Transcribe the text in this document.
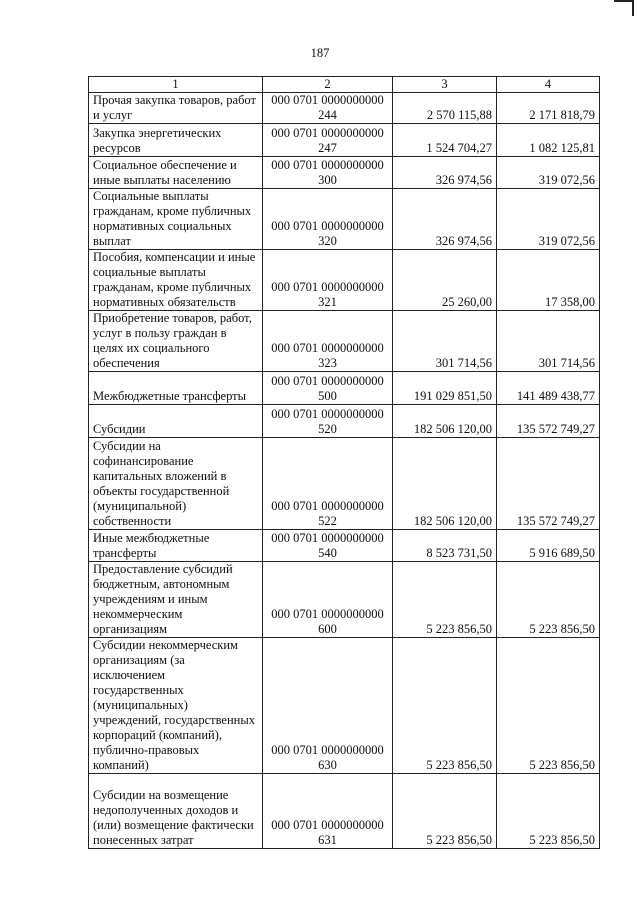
187
1	2	3	4
Прочая закупка товаров, работ и услуг	000 0701 0000000000 244	2 570 115,88	2 171 818,79
Закупка энергетических ресурсов	000 0701 0000000000 247	1 524 704,27	1 082 125,81
Социальное обеспечение и иные выплаты населению	000 0701 0000000000 300	326 974,56	319 072,56
Социальные выплаты гражданам, кроме публичных нормативных социальных выплат	000 0701 0000000000 320	326 974,56	319 072,56
Пособия, компенсации и иные социальные выплаты гражданам, кроме публичных нормативных обязательств	000 0701 0000000000 321	25 260,00	17 358,00
Приобретение товаров, работ, услуг в пользу граждан в целях их социального обеспечения	000 0701 0000000000 323	301 714,56	301 714,56
Межбюджетные трансферты	000 0701 0000000000 500	191 029 851,50	141 489 438,77
Субсидии	000 0701 0000000000 520	182 506 120,00	135 572 749,27
Субсидии на софинансирование капитальных вложений в объекты государственной (муниципальной) собственности	000 0701 0000000000 522	182 506 120,00	135 572 749,27
Иные межбюджетные трансферты	000 0701 0000000000 540	8 523 731,50	5 916 689,50
Предоставление субсидий бюджетным, автономным учреждениям и иным некоммерческим организациям	000 0701 0000000000 600	5 223 856,50	5 223 856,50
Субсидии некоммерческим организациям (за исключением государственных (муниципальных) учреждений, государственных корпораций (компаний), публично-правовых компаний)	000 0701 0000000000 630	5 223 856,50	5 223 856,50
Субсидии на возмещение недополученных доходов и (или) возмещение фактически понесенных затрат	000 0701 0000000000 631	5 223 856,50	5 223 856,50
